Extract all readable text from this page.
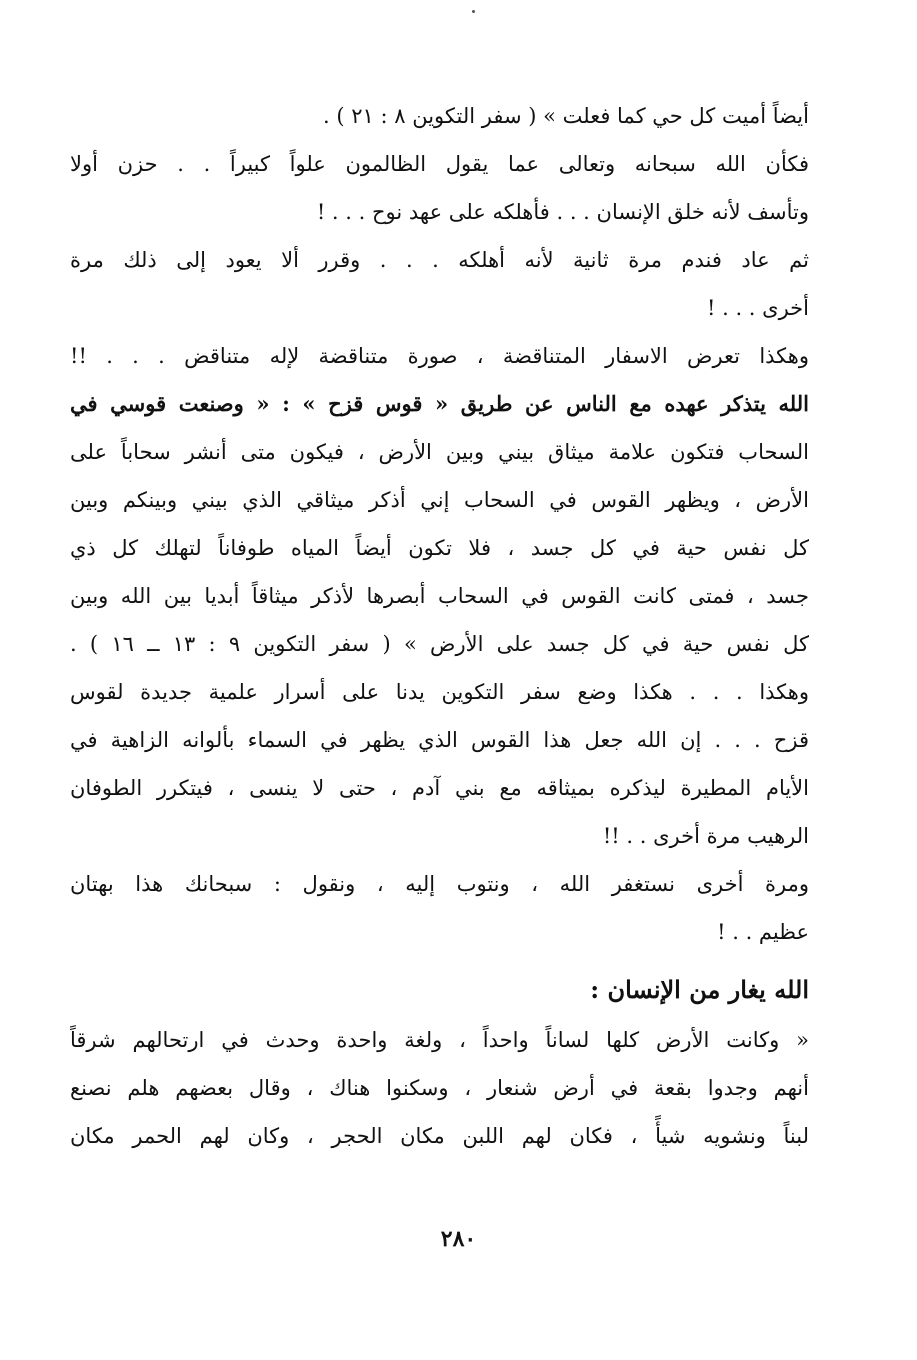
أيضاً أميت كل حي كما فعلت » ( سفر التكوين ٨ : ٢١ ) .
فكأن الله سبحانه وتعالى عما يقول الظالمون علواً كبيراً . . حزن أولا
وتأسف لأنه خلق الإنسان . . . فأهلكه على عهد نوح . . . !
ثم عاد فندم مرة ثانية لأنه أهلكه . . . وقرر ألا يعود إلى ذلك مرة
أخرى . . . !
وهكذا تعرض الاسفار المتناقضة ، صورة متناقضة لإله متناقض . . . !!
الله يتذكر عهده مع الناس عن طريق « قوس قزح » : « وصنعت قوسي في
السحاب فتكون علامة ميثاق بيني وبين الأرض ، فيكون متى أنشر سحاباً على
الأرض ، ويظهر القوس في السحاب إني أذكر ميثاقي الذي بيني وبينكم وبين
كل نفس حية في كل جسد ، فلا تكون أيضاً المياه طوفاناً لتهلك كل ذي
جسد ، فمتى كانت القوس في السحاب أبصرها لأذكر ميثاقاً أبديا بين الله وبين
كل نفس حية في كل جسد على الأرض » ( سفر التكوين ٩ : ١٣ ــ ١٦ ) .
وهكذا . . . هكذا وضع سفر التكوين يدنا على أسرار علمية جديدة لقوس
قزح . . . إن الله جعل هذا القوس الذي يظهر في السماء بألوانه الزاهية في
الأيام المطيرة ليذكره بميثاقه مع بني آدم ، حتى لا ينسى ، فيتكرر الطوفان
الرهيب مرة أخرى . . !!
ومرة أخرى نستغفر الله ، ونتوب إليه ، ونقول : سبحانك هذا بهتان
عظيم . . !
الله يغار من الإنسان :
« وكانت الأرض كلها لساناً واحداً ، ولغة واحدة وحدث في ارتحالهم شرقاً
أنهم وجدوا بقعة في أرض شنعار ، وسكنوا هناك ، وقال بعضهم هلم نصنع
لبناً ونشويه شيأً ، فكان لهم اللبن مكان الحجر ، وكان لهم الحمر مكان
٢٨٠
